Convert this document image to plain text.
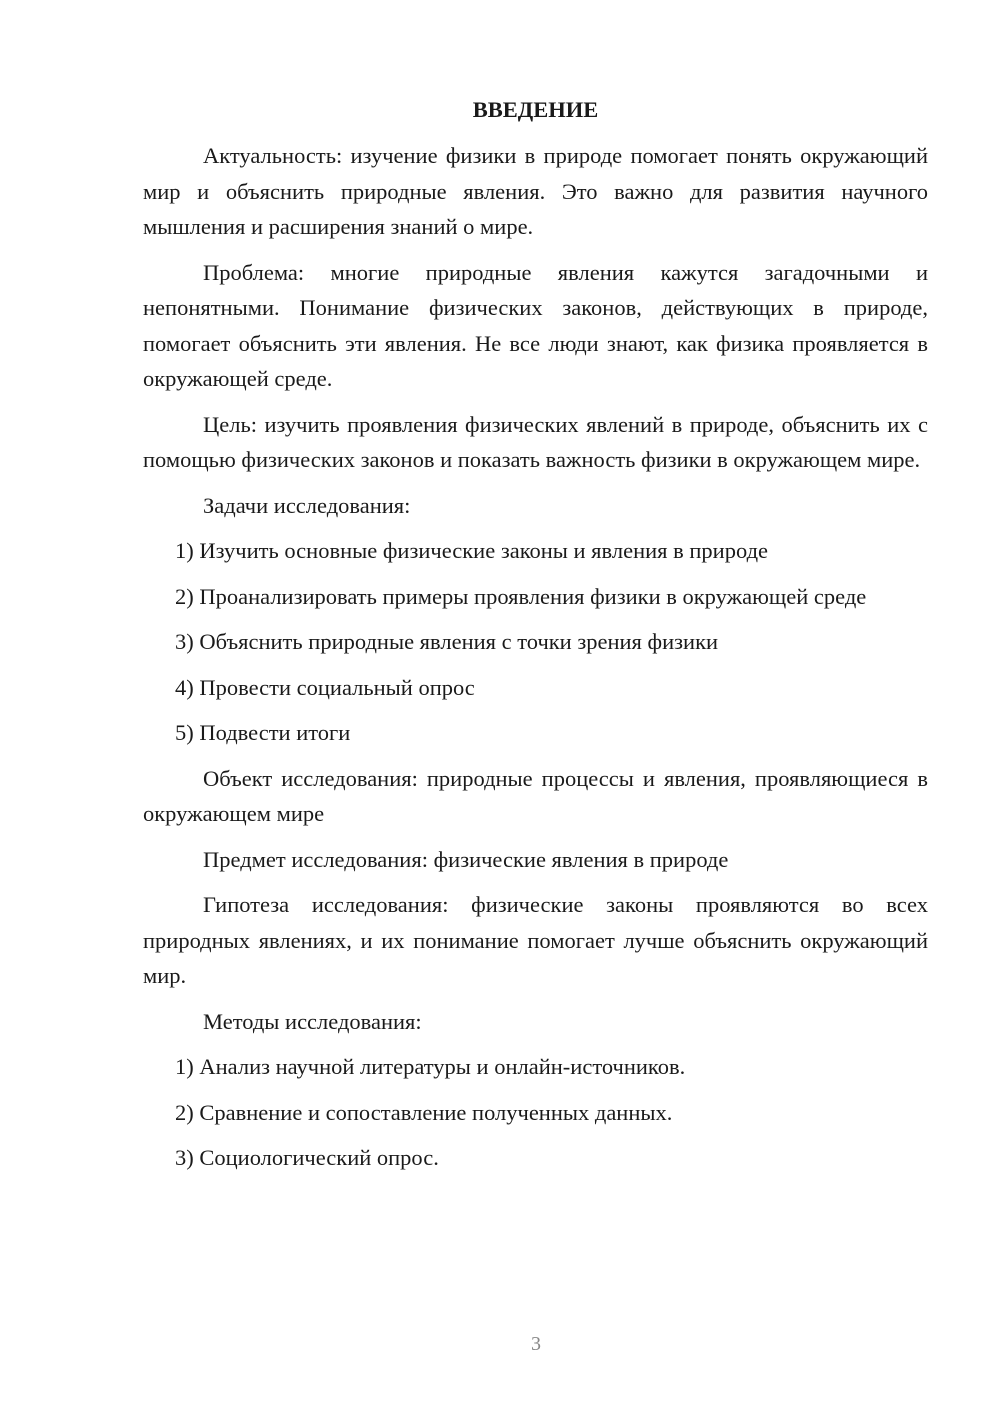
ВВЕДЕНИЕ

Актуальность: изучение физики в природе помогает понять окружающий мир и объяснить природные явления. Это важно для развития научного мышления и расширения знаний о мире.

Проблема: многие природные явления кажутся загадочными и непонятными. Понимание физических законов, действующих в природе, помогает объяснить эти явления. Не все люди знают, как физика проявляется в окружающей среде.

Цель: изучить проявления физических явлений в природе, объяснить их с помощью физических законов и показать важность физики в окружающем мире.

Задачи исследования:

1) Изучить основные физические законы и явления в природе

2) Проанализировать примеры проявления физики в окружающей среде

3) Объяснить природные явления с точки зрения физики

4) Провести социальный опрос

5) Подвести итоги

Объект исследования: природные процессы и явления, проявляющиеся в окружающем мире

Предмет исследования: физические явления в природе

Гипотеза исследования: физические законы проявляются во всех природных явлениях, и их понимание помогает лучше объяснить окружающий мир.

Методы исследования:

1) Анализ научной литературы и онлайн-источников.

2) Сравнение и сопоставление полученных данных.

3) Социологический опрос.

3
